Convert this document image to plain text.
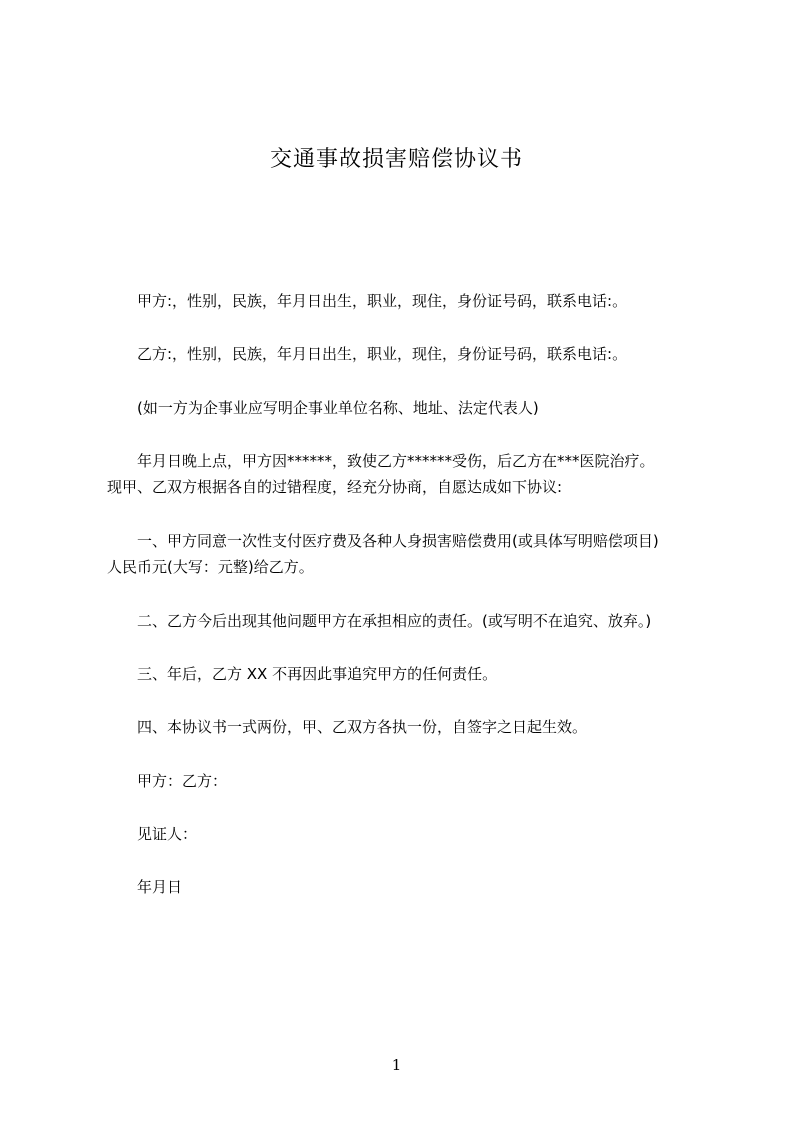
交通事故损害赔偿协议书
甲方:，性别，民族，年月日出生，职业，现住，身份证号码，联系电话:。
乙方:，性别，民族，年月日出生，职业，现住，身份证号码，联系电话:。
(如一方为企事业应写明企事业单位名称、地址、法定代表人)
年月日晚上点，甲方因******，致使乙方******受伤，后乙方在***医院治疗。
现甲、乙双方根据各自的过错程度，经充分协商，自愿达成如下协议:
一、甲方同意一次性支付医疗费及各种人身损害赔偿费用(或具体写明赔偿项目)
人民币元(大写：元整)给乙方。
二、乙方今后出现其他问题甲方在承担相应的责任。(或写明不在追究、放弃。)
三、年后，乙方 XX 不再因此事追究甲方的任何责任。
四、本协议书一式两份，甲、乙双方各执一份，自签字之日起生效。
甲方：乙方：
见证人：
年月日
1
